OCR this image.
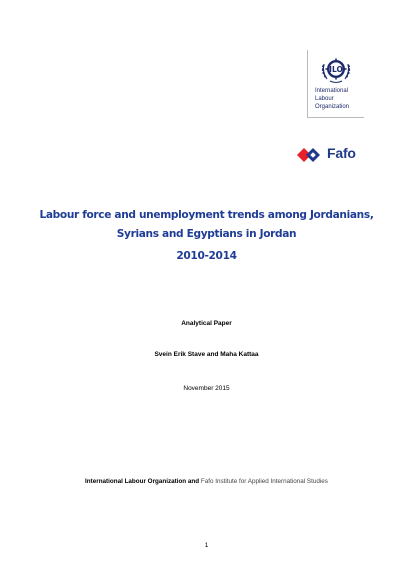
ILO
International
Labour
Organization
Fafo
Labour force and unemployment trends among Jordanians,
Syrians and Egyptians in Jordan
2010-2014
Analytical Paper
Svein Erik Stave and Maha Kattaa
November 2015
International Labour Organization and Fafo Institute for Applied International Studies
1
